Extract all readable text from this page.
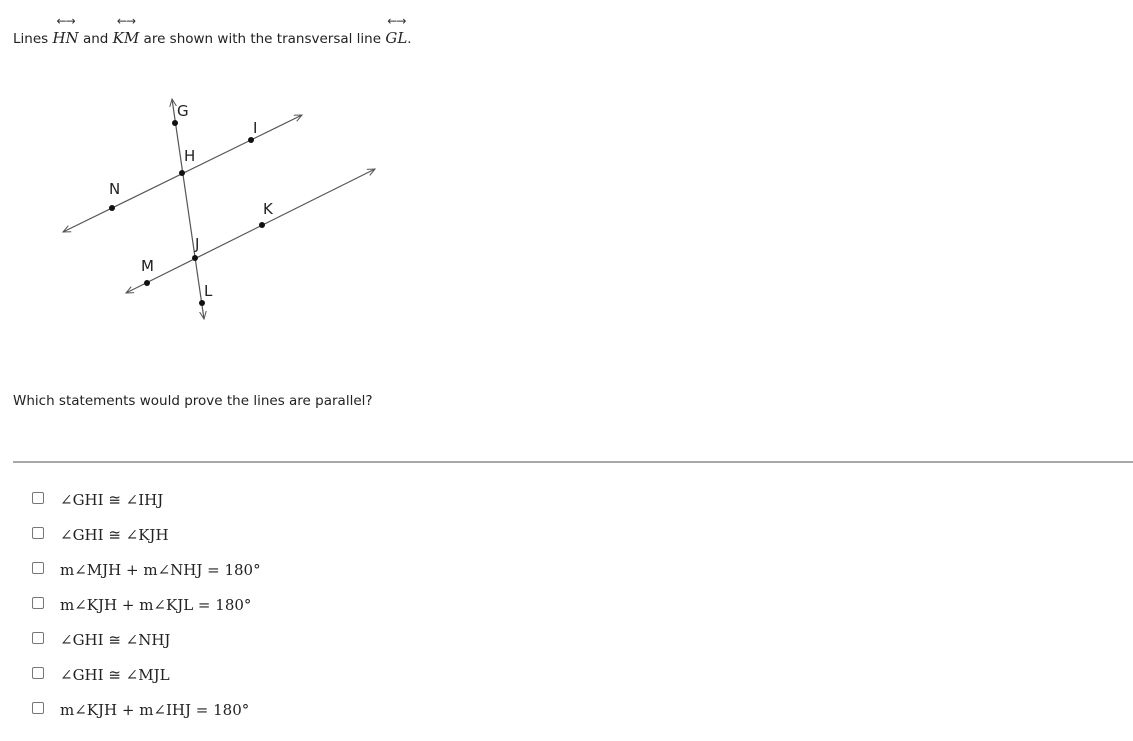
Lines
←→
HN and
←→
KM are shown with the transversal line
←→
GL.
G
H
I
N
K
J
M
L
Which statements would prove the lines are parallel?
∠GHI ≅ ∠IHJ
∠GHI ≅ ∠KJH
m∠MJH + m∠NHJ = 180°
m∠KJH + m∠KJL = 180°
∠GHI ≅ ∠NHJ
∠GHI ≅ ∠MJL
m∠KJH + m∠IHJ = 180°
